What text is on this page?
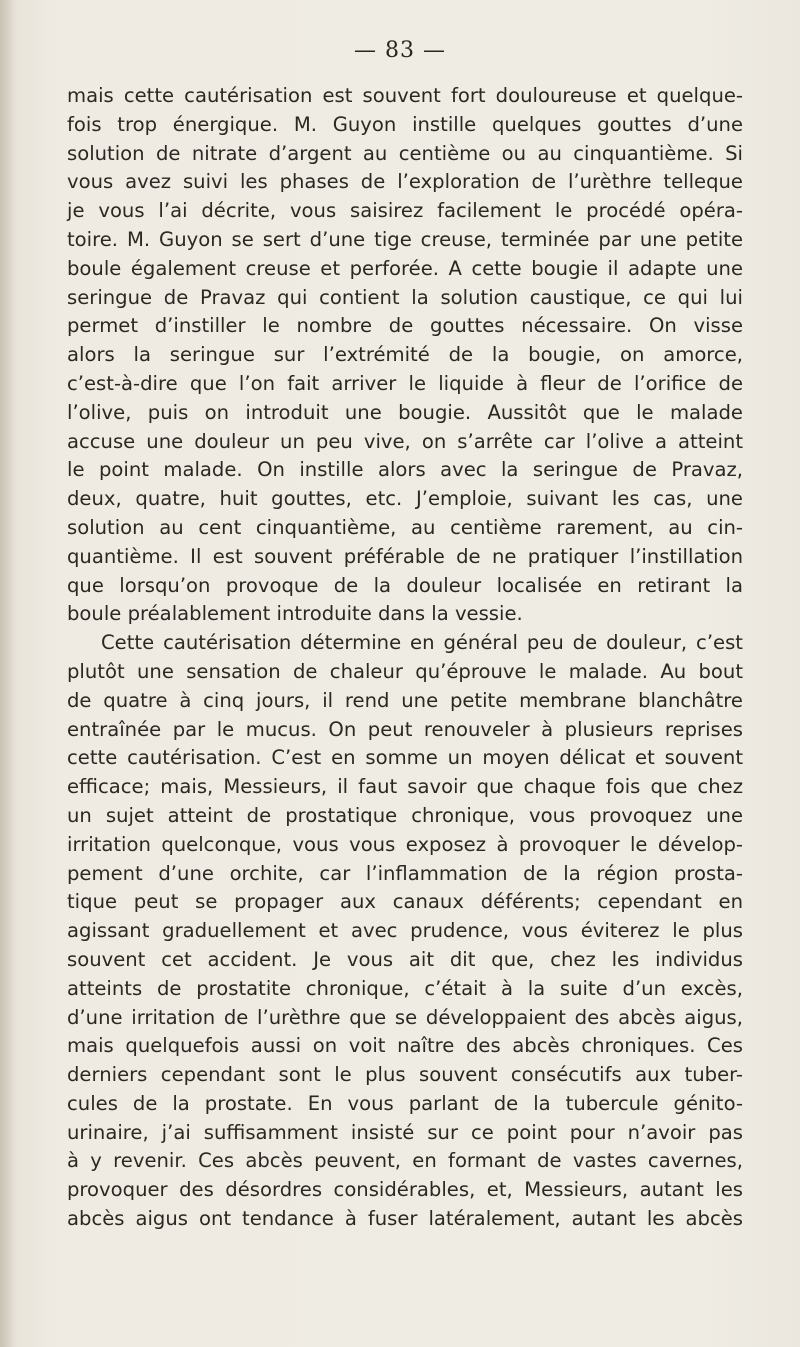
— 83 —
mais cette cautérisation est souvent fort douloureuse et quelque-
fois trop énergique. M. Guyon instille quelques gouttes d’une
solution de nitrate d’argent au centième ou au cinquantième. Si
vous avez suivi les phases de l’exploration de l’urèthre telleque
je vous l’ai décrite, vous saisirez facilement le procédé opéra-
toire. M. Guyon se sert d’une tige creuse, terminée par une petite
boule également creuse et perforée. A cette bougie il adapte une
seringue de Pravaz qui contient la solution caustique, ce qui lui
permet d’instiller le nombre de gouttes nécessaire. On visse
alors la seringue sur l’extrémité de la bougie, on amorce,
c’est-à-dire que l’on fait arriver le liquide à fleur de l’orifice de
l’olive, puis on introduit une bougie. Aussitôt que le malade
accuse une douleur un peu vive, on s’arrête car l’olive a atteint
le point malade. On instille alors avec la seringue de Pravaz,
deux, quatre, huit gouttes, etc. J’emploie, suivant les cas, une
solution au cent cinquantième, au centième rarement, au cin-
quantième. Il est souvent préférable de ne pratiquer l’instillation
que lorsqu’on provoque de la douleur localisée en retirant la
boule préalablement introduite dans la vessie.
Cette cautérisation détermine en général peu de douleur, c’est
plutôt une sensation de chaleur qu’éprouve le malade. Au bout
de quatre à cinq jours, il rend une petite membrane blanchâtre
entraînée par le mucus. On peut renouveler à plusieurs reprises
cette cautérisation. C’est en somme un moyen délicat et souvent
efficace; mais, Messieurs, il faut savoir que chaque fois que chez
un sujet atteint de prostatique chronique, vous provoquez une
irritation quelconque, vous vous exposez à provoquer le dévelop-
pement d’une orchite, car l’inflammation de la région prosta-
tique peut se propager aux canaux déférents; cependant en
agissant graduellement et avec prudence, vous éviterez le plus
souvent cet accident. Je vous ait dit que, chez les individus
atteints de prostatite chronique, c’était à la suite d’un excès,
d’une irritation de l’urèthre que se développaient des abcès aigus,
mais quelquefois aussi on voit naître des abcès chroniques. Ces
derniers cependant sont le plus souvent consécutifs aux tuber-
cules de la prostate. En vous parlant de la tubercule génito-
urinaire, j’ai suffisamment insisté sur ce point pour n’avoir pas
à y revenir. Ces abcès peuvent, en formant de vastes cavernes,
provoquer des désordres considérables, et, Messieurs, autant les
abcès aigus ont tendance à fuser latéralement, autant les abcès
